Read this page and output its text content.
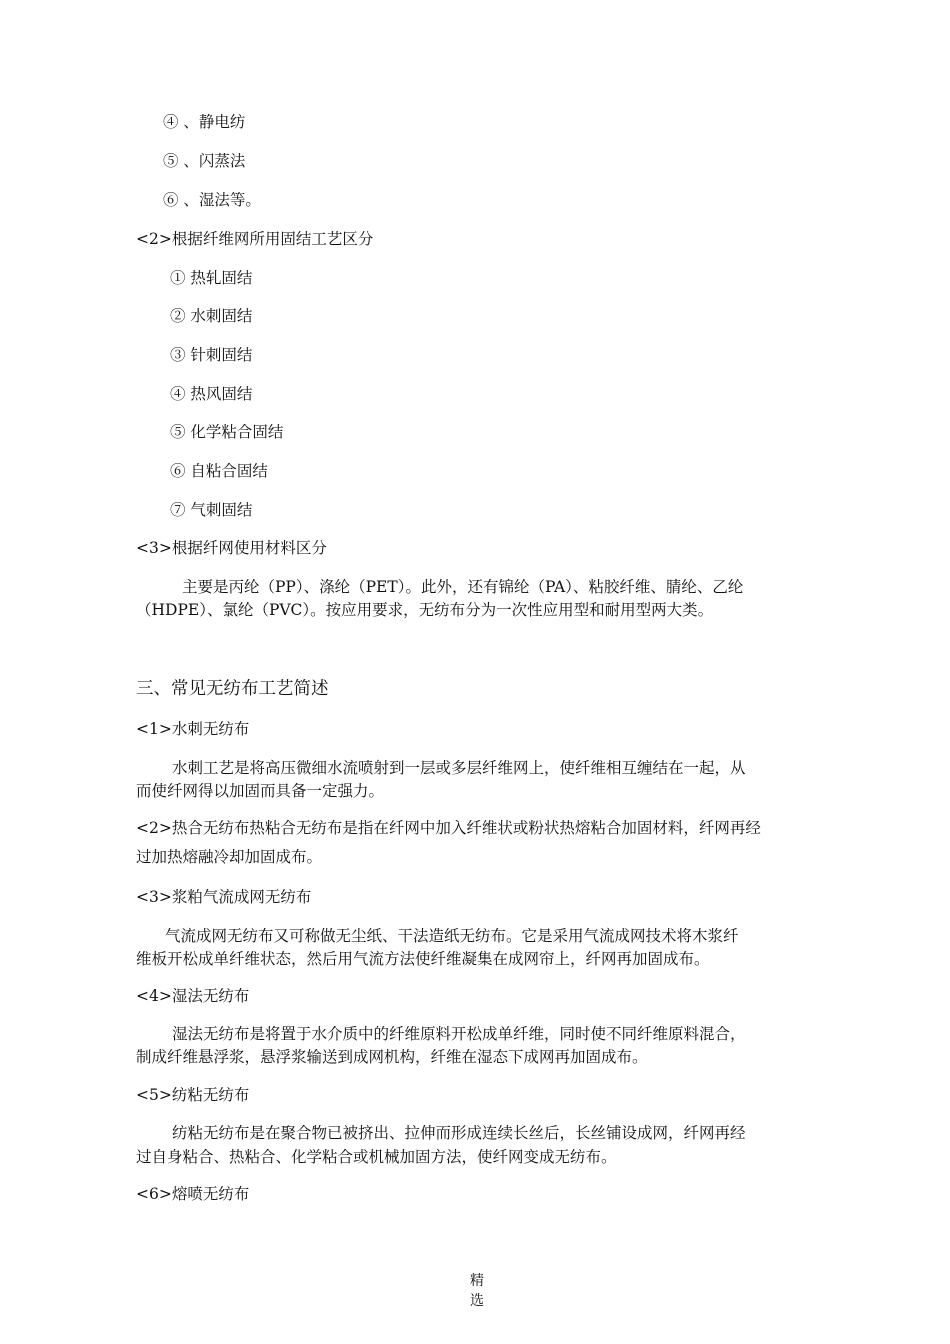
④ 、静电纺
⑤ 、闪蒸法
⑥ 、湿法等。
<2>根据纤维网所用固结工艺区分
① 热轧固结
② 水刺固结
③ 针刺固结
④ 热风固结
⑤ 化学粘合固结
⑥ 自粘合固结
⑦ 气刺固结
<3>根据纤网使用材料区分
主要是丙纶（PP）、涤纶（PET）。此外，还有锦纶（PA）、粘胶纤维、腈纶、乙纶
（HDPE）、氯纶（PVC）。按应用要求，无纺布分为一次性应用型和耐用型两大类。
三、常见无纺布工艺简述
<1>水刺无纺布
水刺工艺是将高压微细水流喷射到一层或多层纤维网上，使纤维相互缠结在一起，从
而使纤网得以加固而具备一定强力。
<2>热合无纺布热粘合无纺布是指在纤网中加入纤维状或粉状热熔粘合加固材料，纤网再经
过加热熔融冷却加固成布。
<3>浆粕气流成网无纺布
气流成网无纺布又可称做无尘纸、干法造纸无纺布。它是采用气流成网技术将木浆纤
维板开松成单纤维状态，然后用气流方法使纤维凝集在成网帘上，纤网再加固成布。
<4>湿法无纺布
湿法无纺布是将置于水介质中的纤维原料开松成单纤维，同时使不同纤维原料混合，
制成纤维悬浮浆，悬浮浆输送到成网机构，纤维在湿态下成网再加固成布。
<5>纺粘无纺布
纺粘无纺布是在聚合物已被挤出、拉伸而形成连续长丝后，长丝铺设成网，纤网再经
过自身粘合、热粘合、化学粘合或机械加固方法，使纤网变成无纺布。
<6>熔喷无纺布
精选
